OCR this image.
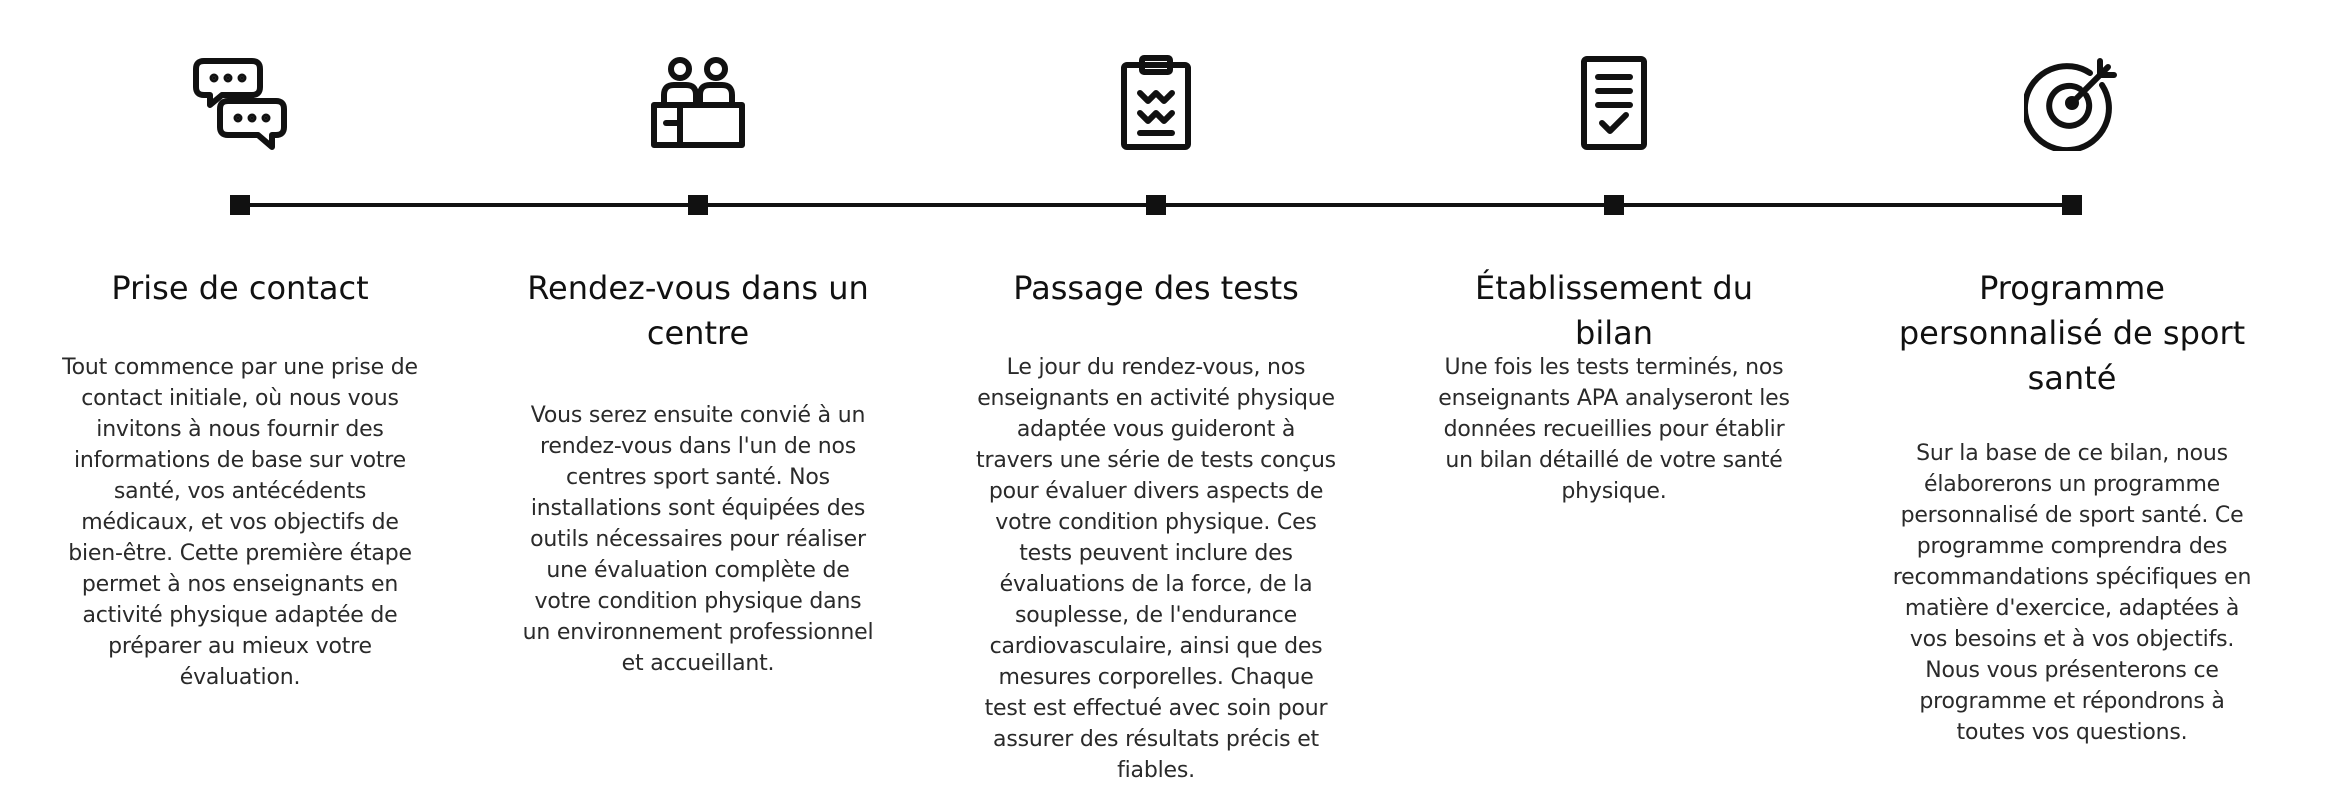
Prise de contact
Tout commence par une prise de contact initiale, où nous vous invitons à nous fournir des informations de base sur votre santé, vos antécédents médicaux, et vos objectifs de bien-être. Cette première étape permet à nos enseignants en activité physique adaptée de préparer au mieux votre évaluation.
Rendez-vous dans un centre
Vous serez ensuite convié à un rendez-vous dans l'un de nos centres sport santé. Nos installations sont équipées des outils nécessaires pour réaliser une évaluation complète de votre condition physique dans un environnement professionnel et accueillant.
Passage des tests
Le jour du rendez-vous, nos enseignants en activité physique adaptée vous guideront à travers une série de tests conçus pour évaluer divers aspects de votre condition physique. Ces tests peuvent inclure des évaluations de la force, de la souplesse, de l'endurance cardiovasculaire, ainsi que des mesures corporelles. Chaque test est effectué avec soin pour assurer des résultats précis et fiables.
Établissement du bilan
Une fois les tests terminés, nos enseignants APA analyseront les données recueillies pour établir un bilan détaillé de votre santé physique.
Programme personnalisé de sport santé
Sur la base de ce bilan, nous élaborerons un programme personnalisé de sport santé. Ce programme comprendra des recommandations spécifiques en matière d'exercice, adaptées à vos besoins et à vos objectifs. Nous vous présenterons ce programme et répondrons à toutes vos questions.
